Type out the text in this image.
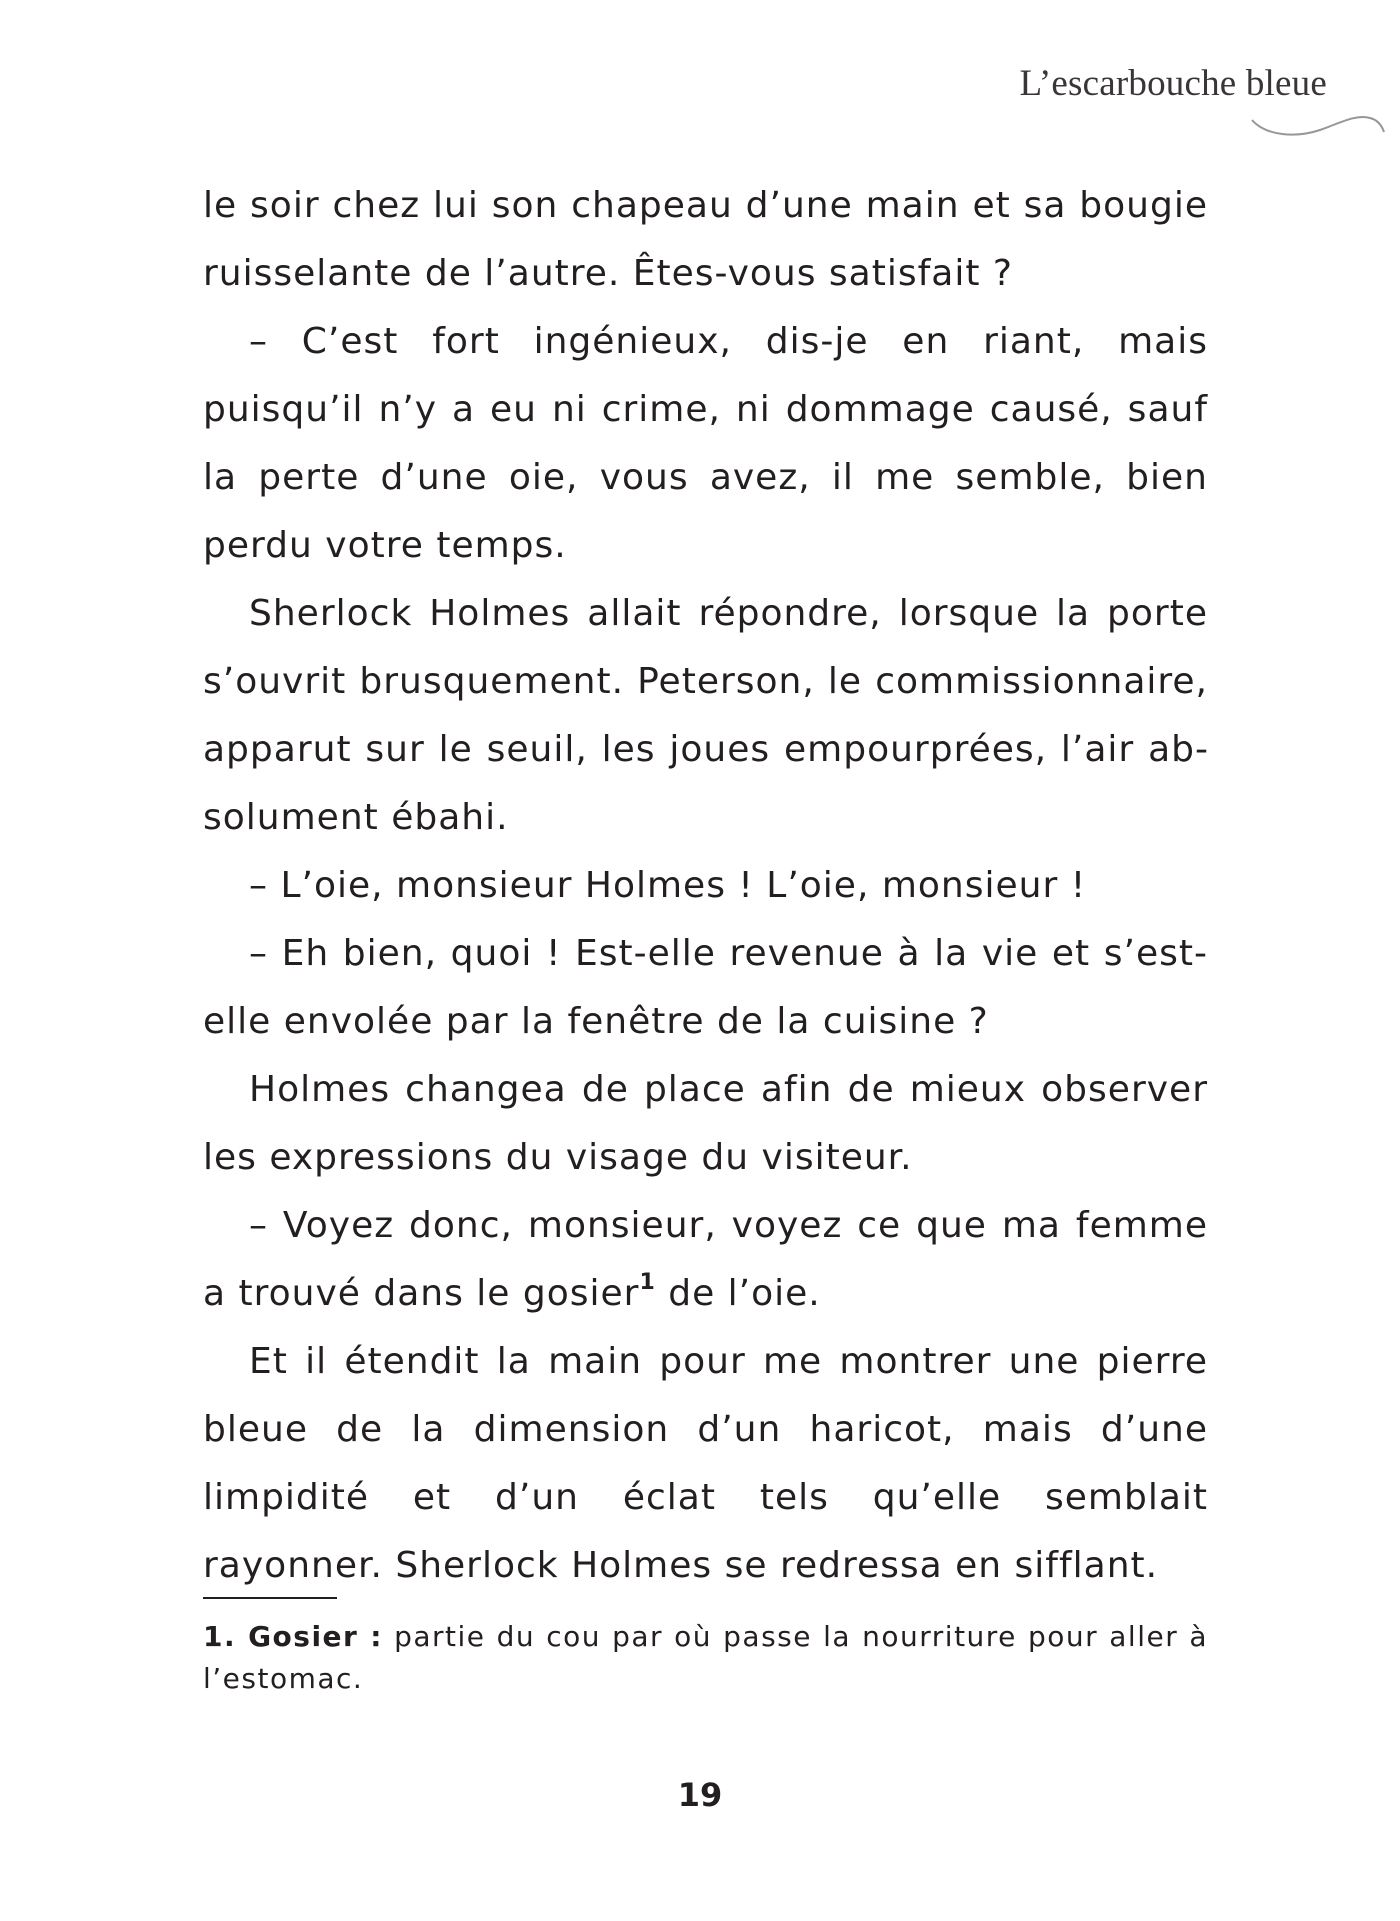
L’escarbouche bleue

le soir chez lui son chapeau d’une main et sa bougie ruisselante de l’autre. Êtes-vous satisfait ?

– C’est fort ingénieux, dis-je en riant, mais puisqu’il n’y a eu ni crime, ni dommage causé, sauf la perte d’une oie, vous avez, il me semble, bien perdu votre temps.

Sherlock Holmes allait répondre, lorsque la porte s’ouvrit brusquement. Peterson, le commissionnaire, apparut sur le seuil, les joues empourprées, l’air absolument ébahi.

– L’oie, monsieur Holmes ! L’oie, monsieur !

– Eh bien, quoi ! Est-elle revenue à la vie et s’est-elle envolée par la fenêtre de la cuisine ?

Holmes changea de place afin de mieux observer les expressions du visage du visiteur.

– Voyez donc, monsieur, voyez ce que ma femme a trouvé dans le gosier$^1$ de l’oie.

Et il étendit la main pour me montrer une pierre bleue de la dimension d’un haricot, mais d’une limpidité et d’un éclat tels qu’elle semblait rayonner. Sherlock Holmes se redressa en sifflant.

1. Gosier : partie du cou par où passe la nourriture pour aller à l’estomac.
19
